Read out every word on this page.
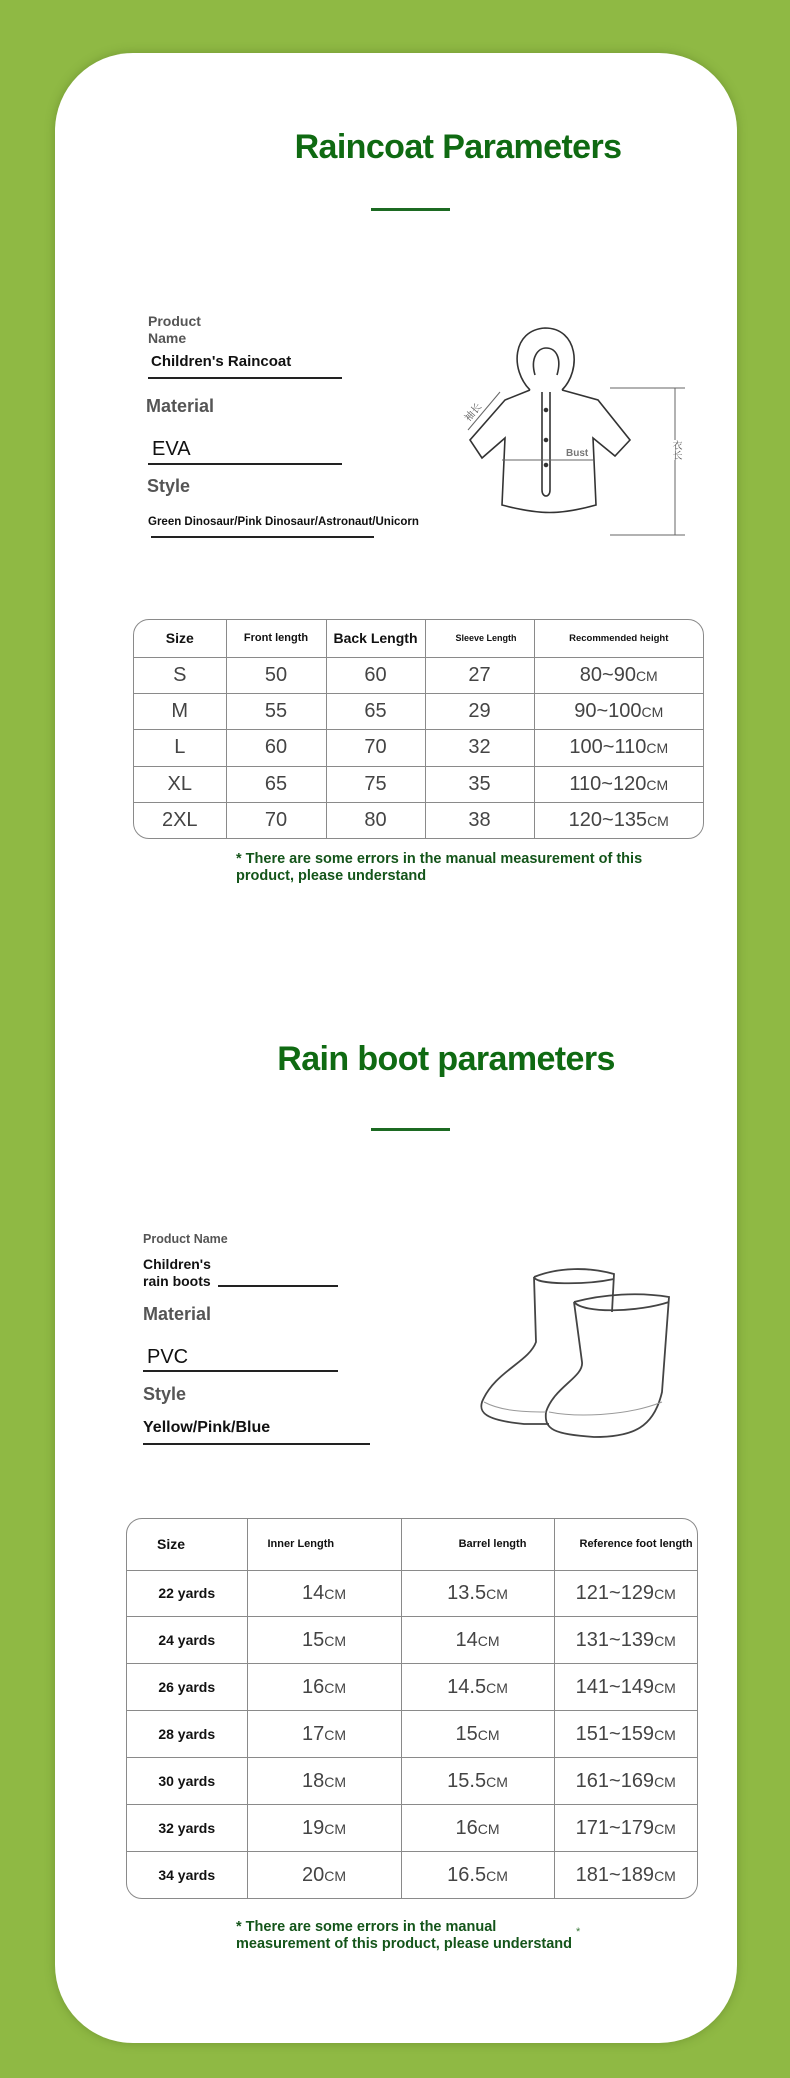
Raincoat Parameters
Product
Name
Children's Raincoat
Material
EVA
Style
Green Dinosaur/Pink Dinosaur/Astronaut/Unicorn
袖长
Bust	衣长
Size	Front length	Back Length	Sleeve Length	Recommended height
S	50	60	27	80~90CM
M	55	65	29	90~100CM
L	60	70	32	100~110CM
XL	65	75	35	110~120CM
2XL	70	80	38	120~135CM
* There are some errors in the manual measurement of this product, please understand
Rain boot parameters
Product Name
Children's
rain boots
Material
PVC
Style
Yellow/Pink/Blue
Size	Inner Length	Barrel length	Reference foot length
22 yards	14CM	13.5CM	121~129CM
24 yards	15CM	14CM	131~139CM
26 yards	16CM	14.5CM	141~149CM
28 yards	17CM	15CM	151~159CM
30 yards	18CM	15.5CM	161~169CM
32 yards	19CM	16CM	171~179CM
34 yards	20CM	16.5CM	181~189CM
* There are some errors in the manual measurement of this product, please understand
*
